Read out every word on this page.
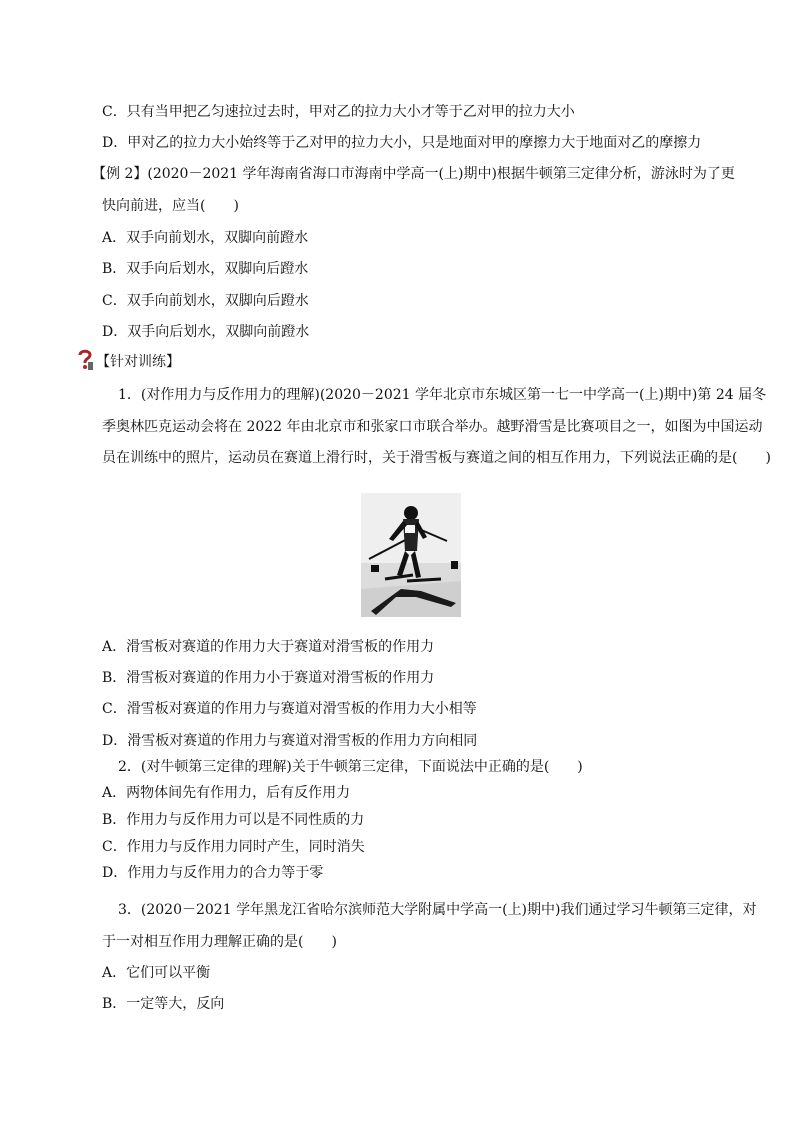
C．只有当甲把乙匀速拉过去时，甲对乙的拉力大小才等于乙对甲的拉力大小
D．甲对乙的拉力大小始终等于乙对甲的拉力大小，只是地面对甲的摩擦力大于地面对乙的摩擦力
【例 2】(2020－2021 学年海南省海口市海南中学高一(上)期中)根据牛顿第三定律分析，游泳时为了更
快向前进，应当(　　)
A．双手向前划水，双脚向前蹬水
B．双手向后划水，双脚向后蹬水
C．双手向前划水，双脚向后蹬水
D．双手向后划水，双脚向前蹬水
【针对训练】
1．(对作用力与反作用力的理解)(2020－2021 学年北京市东城区第一七一中学高一(上)期中)第 24 届冬
季奥林匹克运动会将在 2022 年由北京市和张家口市联合举办。越野滑雪是比赛项目之一，如图为中国运动
员在训练中的照片，运动员在赛道上滑行时，关于滑雪板与赛道之间的相互作用力，下列说法正确的是(　　)
A．滑雪板对赛道的作用力大于赛道对滑雪板的作用力
B．滑雪板对赛道的作用力小于赛道对滑雪板的作用力
C．滑雪板对赛道的作用力与赛道对滑雪板的作用力大小相等
D．滑雪板对赛道的作用力与赛道对滑雪板的作用力方向相同
2．(对牛顿第三定律的理解)关于牛顿第三定律，下面说法中正确的是(　　)
A．两物体间先有作用力，后有反作用力
B．作用力与反作用力可以是不同性质的力
C．作用力与反作用力同时产生，同时消失
D．作用力与反作用力的合力等于零
3．(2020－2021 学年黑龙江省哈尔滨师范大学附属中学高一(上)期中)我们通过学习牛顿第三定律，对
于一对相互作用力理解正确的是(　　)
A．它们可以平衡
B．一定等大，反向
